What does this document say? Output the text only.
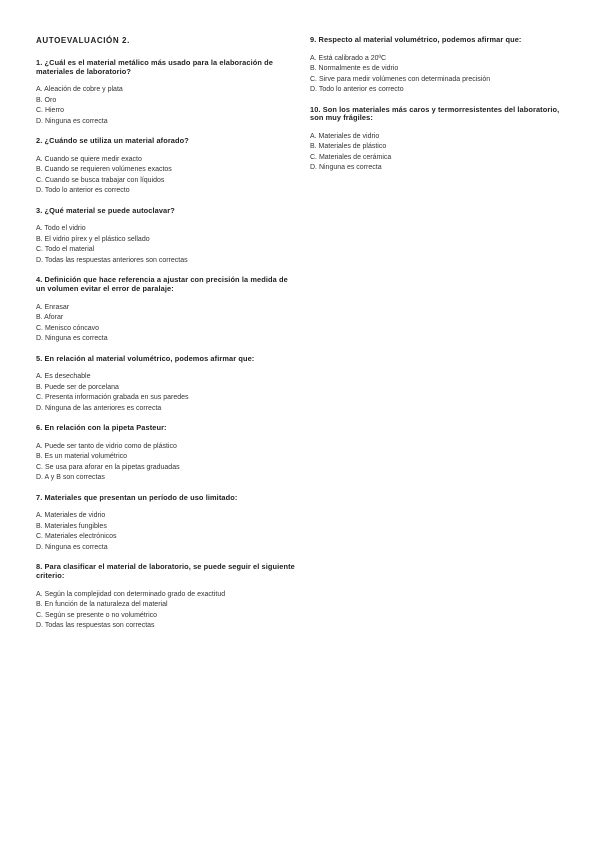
AUTOEVALUACIÓN 2.
1. ¿Cuál es el material metálico más usado para la elaboración de materiales de laboratorio?
A. Aleación de cobre y plata
B. Oro
C. Hierro
D. Ninguna es correcta
2. ¿Cuándo se utiliza un material aforado?
A. Cuando se quiere medir exacto
B. Cuando se requieren volúmenes exactos
C. Cuando se busca trabajar con líquidos
D. Todo lo anterior es correcto
3. ¿Qué material se puede autoclavar?
A. Todo el vidrio
B. El vidrio pírex y el plástico sellado
C. Todo el material
D. Todas las respuestas anteriores son correctas
4. Definición que hace referencia a ajustar con precisión la medida de un volumen evitar el error de paralaje:
A. Enrasar
B. Aforar
C. Menisco cóncavo
D. Ninguna es correcta
5. En relación al material volumétrico, podemos afirmar que:
A. Es desechable
B. Puede ser de porcelana
C. Presenta información grabada en sus paredes
D. Ninguna de las anteriores es correcta
6. En relación con la pipeta Pasteur:
A. Puede ser tanto de vidrio como de plástico
B. Es un material volumétrico
C. Se usa para aforar en la pipetas graduadas
D. A y B son correctas
7. Materiales que presentan un período de uso limitado:
A. Materiales de vidrio
B. Materiales fungibles
C. Materiales electrónicos
D. Ninguna es correcta
8. Para clasificar el material de laboratorio, se puede seguir el siguiente criterio:
A. Según la complejidad con determinado grado de exactitud
B. En función de la naturaleza del material
C. Según se presente o no volumétrico
D. Todas las respuestas son correctas
9. Respecto al material volumétrico, podemos afirmar que:
A. Está calibrado a 20ºC
B. Normalmente es de vidrio
C. Sirve para medir volúmenes con determinada precisión
D. Todo lo anterior es correcto
10. Son los materiales más caros y termorresistentes del laboratorio, son muy frágiles:
A. Materiales de vidrio
B. Materiales de plástico
C. Materiales de cerámica
D. Ninguna es correcta
